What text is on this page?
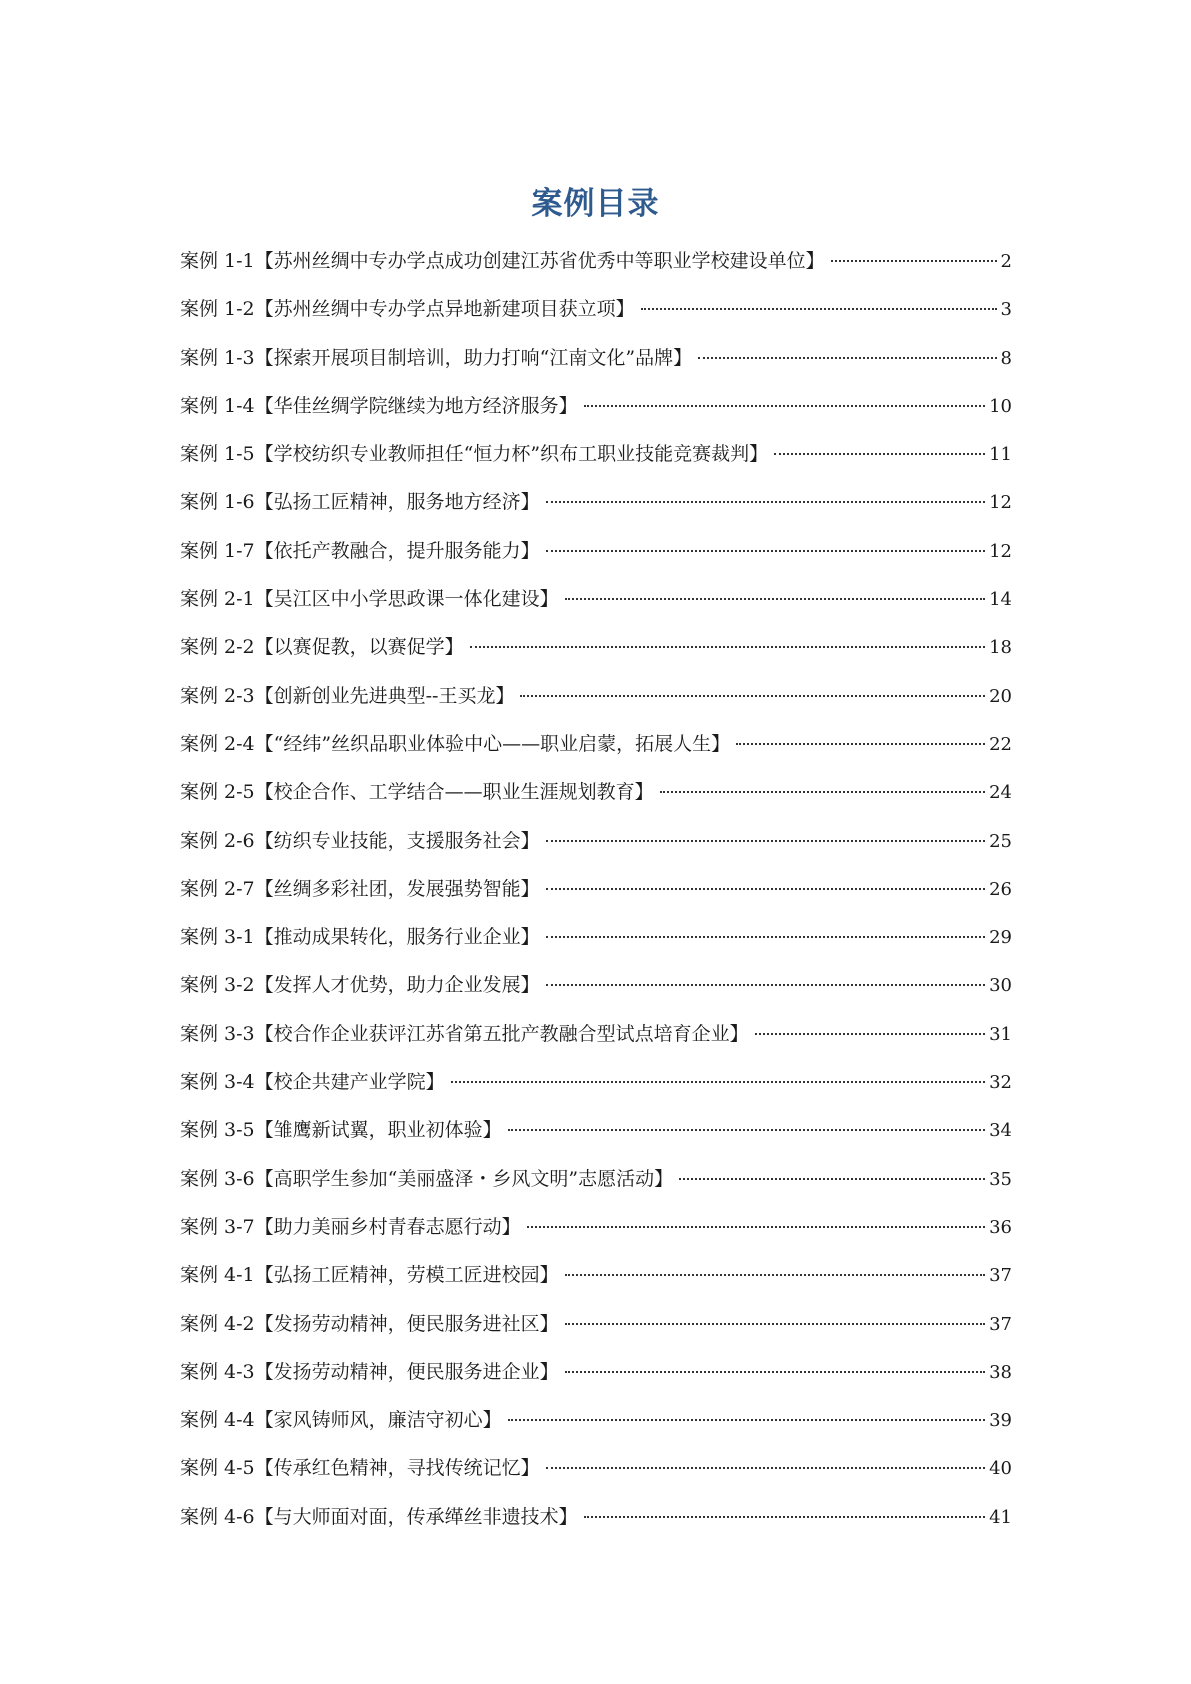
案例目录
案例 1-1【苏州丝绸中专办学点成功创建江苏省优秀中等职业学校建设单位】	2
案例 1-2【苏州丝绸中专办学点异地新建项目获立项】	3
案例 1-3【探索开展项目制培训，助力打响“江南文化”品牌】	8
案例 1-4【华佳丝绸学院继续为地方经济服务】	10
案例 1-5【学校纺织专业教师担任“恒力杯”织布工职业技能竞赛裁判】	11
案例 1-6【弘扬工匠精神，服务地方经济】	12
案例 1-7【依托产教融合，提升服务能力】	12
案例 2-1【吴江区中小学思政课一体化建设】	14
案例 2-2【以赛促教，以赛促学】	18
案例 2-3【创新创业先进典型--王买龙】	20
案例 2-4【“经纬”丝织品职业体验中心——职业启蒙，拓展人生】	22
案例 2-5【校企合作、工学结合——职业生涯规划教育】	24
案例 2-6【纺织专业技能，支援服务社会】	25
案例 2-7【丝绸多彩社团，发展强势智能】	26
案例 3-1【推动成果转化，服务行业企业】	29
案例 3-2【发挥人才优势，助力企业发展】	30
案例 3-3【校合作企业获评江苏省第五批产教融合型试点培育企业】	31
案例 3-4【校企共建产业学院】	32
案例 3-5【雏鹰新试翼，职业初体验】	34
案例 3-6【高职学生参加“美丽盛泽・乡风文明”志愿活动】	35
案例 3-7【助力美丽乡村青春志愿行动】	36
案例 4-1【弘扬工匠精神，劳模工匠进校园】	37
案例 4-2【发扬劳动精神，便民服务进社区】	37
案例 4-3【发扬劳动精神，便民服务进企业】	38
案例 4-4【家风铸师风，廉洁守初心】	39
案例 4-5【传承红色精神，寻找传统记忆】	40
案例 4-6【与大师面对面，传承缂丝非遗技术】	41
